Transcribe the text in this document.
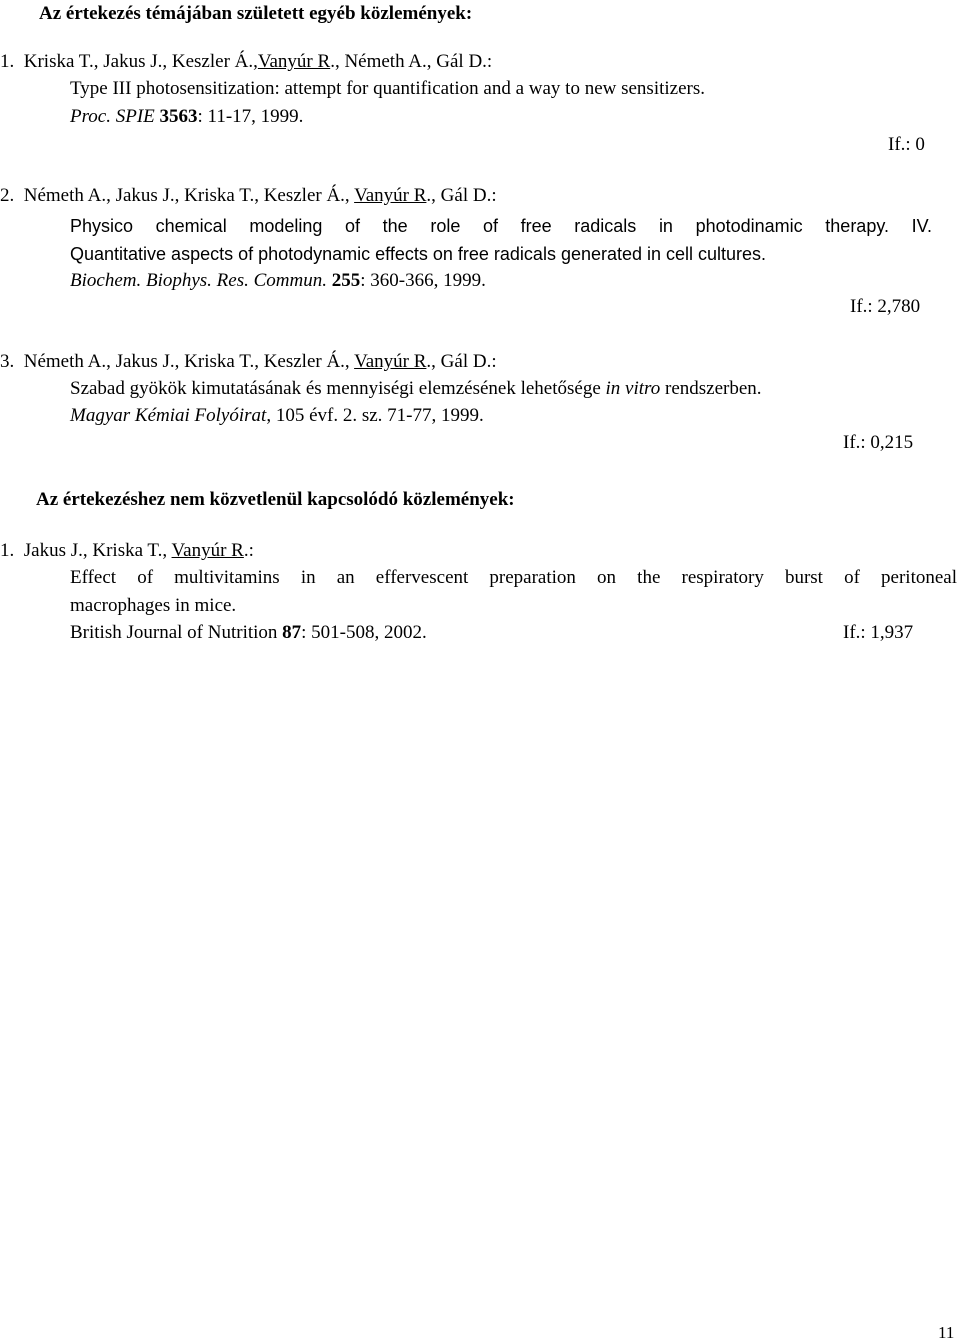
Az értekezés témájában született egyéb közlemények:
1. Kriska T., Jakus J., Keszler Á.,Vanyúr R., Németh A., Gál D.:
Type III photosensitization: attempt for quantification and a way to new sensitizers.
Proc. SPIE 3563: 11-17, 1999.
If.: 0
2. Németh A., Jakus J., Kriska T., Keszler Á., Vanyúr R., Gál D.:
Physico chemical modeling of the role of free radicals in photodinamic therapy. IV.
Quantitative aspects of photodynamic effects on free radicals generated in cell cultures.
Biochem. Biophys. Res. Commun. 255: 360-366, 1999.
If.: 2,780
3. Németh A., Jakus J., Kriska T., Keszler Á., Vanyúr R., Gál D.:
Szabad gyökök kimutatásának és mennyiségi elemzésének lehetősége in vitro rendszerben.
Magyar Kémiai Folyóirat, 105 évf. 2. sz. 71-77, 1999.
If.: 0,215
Az értekezéshez nem közvetlenül kapcsolódó közlemények:
1. Jakus J., Kriska T., Vanyúr R.:
Effect of multivitamins in an effervescent preparation on the respiratory burst of peritoneal
macrophages in mice.
British Journal of Nutrition 87: 501-508, 2002.	If.: 1,937
11
